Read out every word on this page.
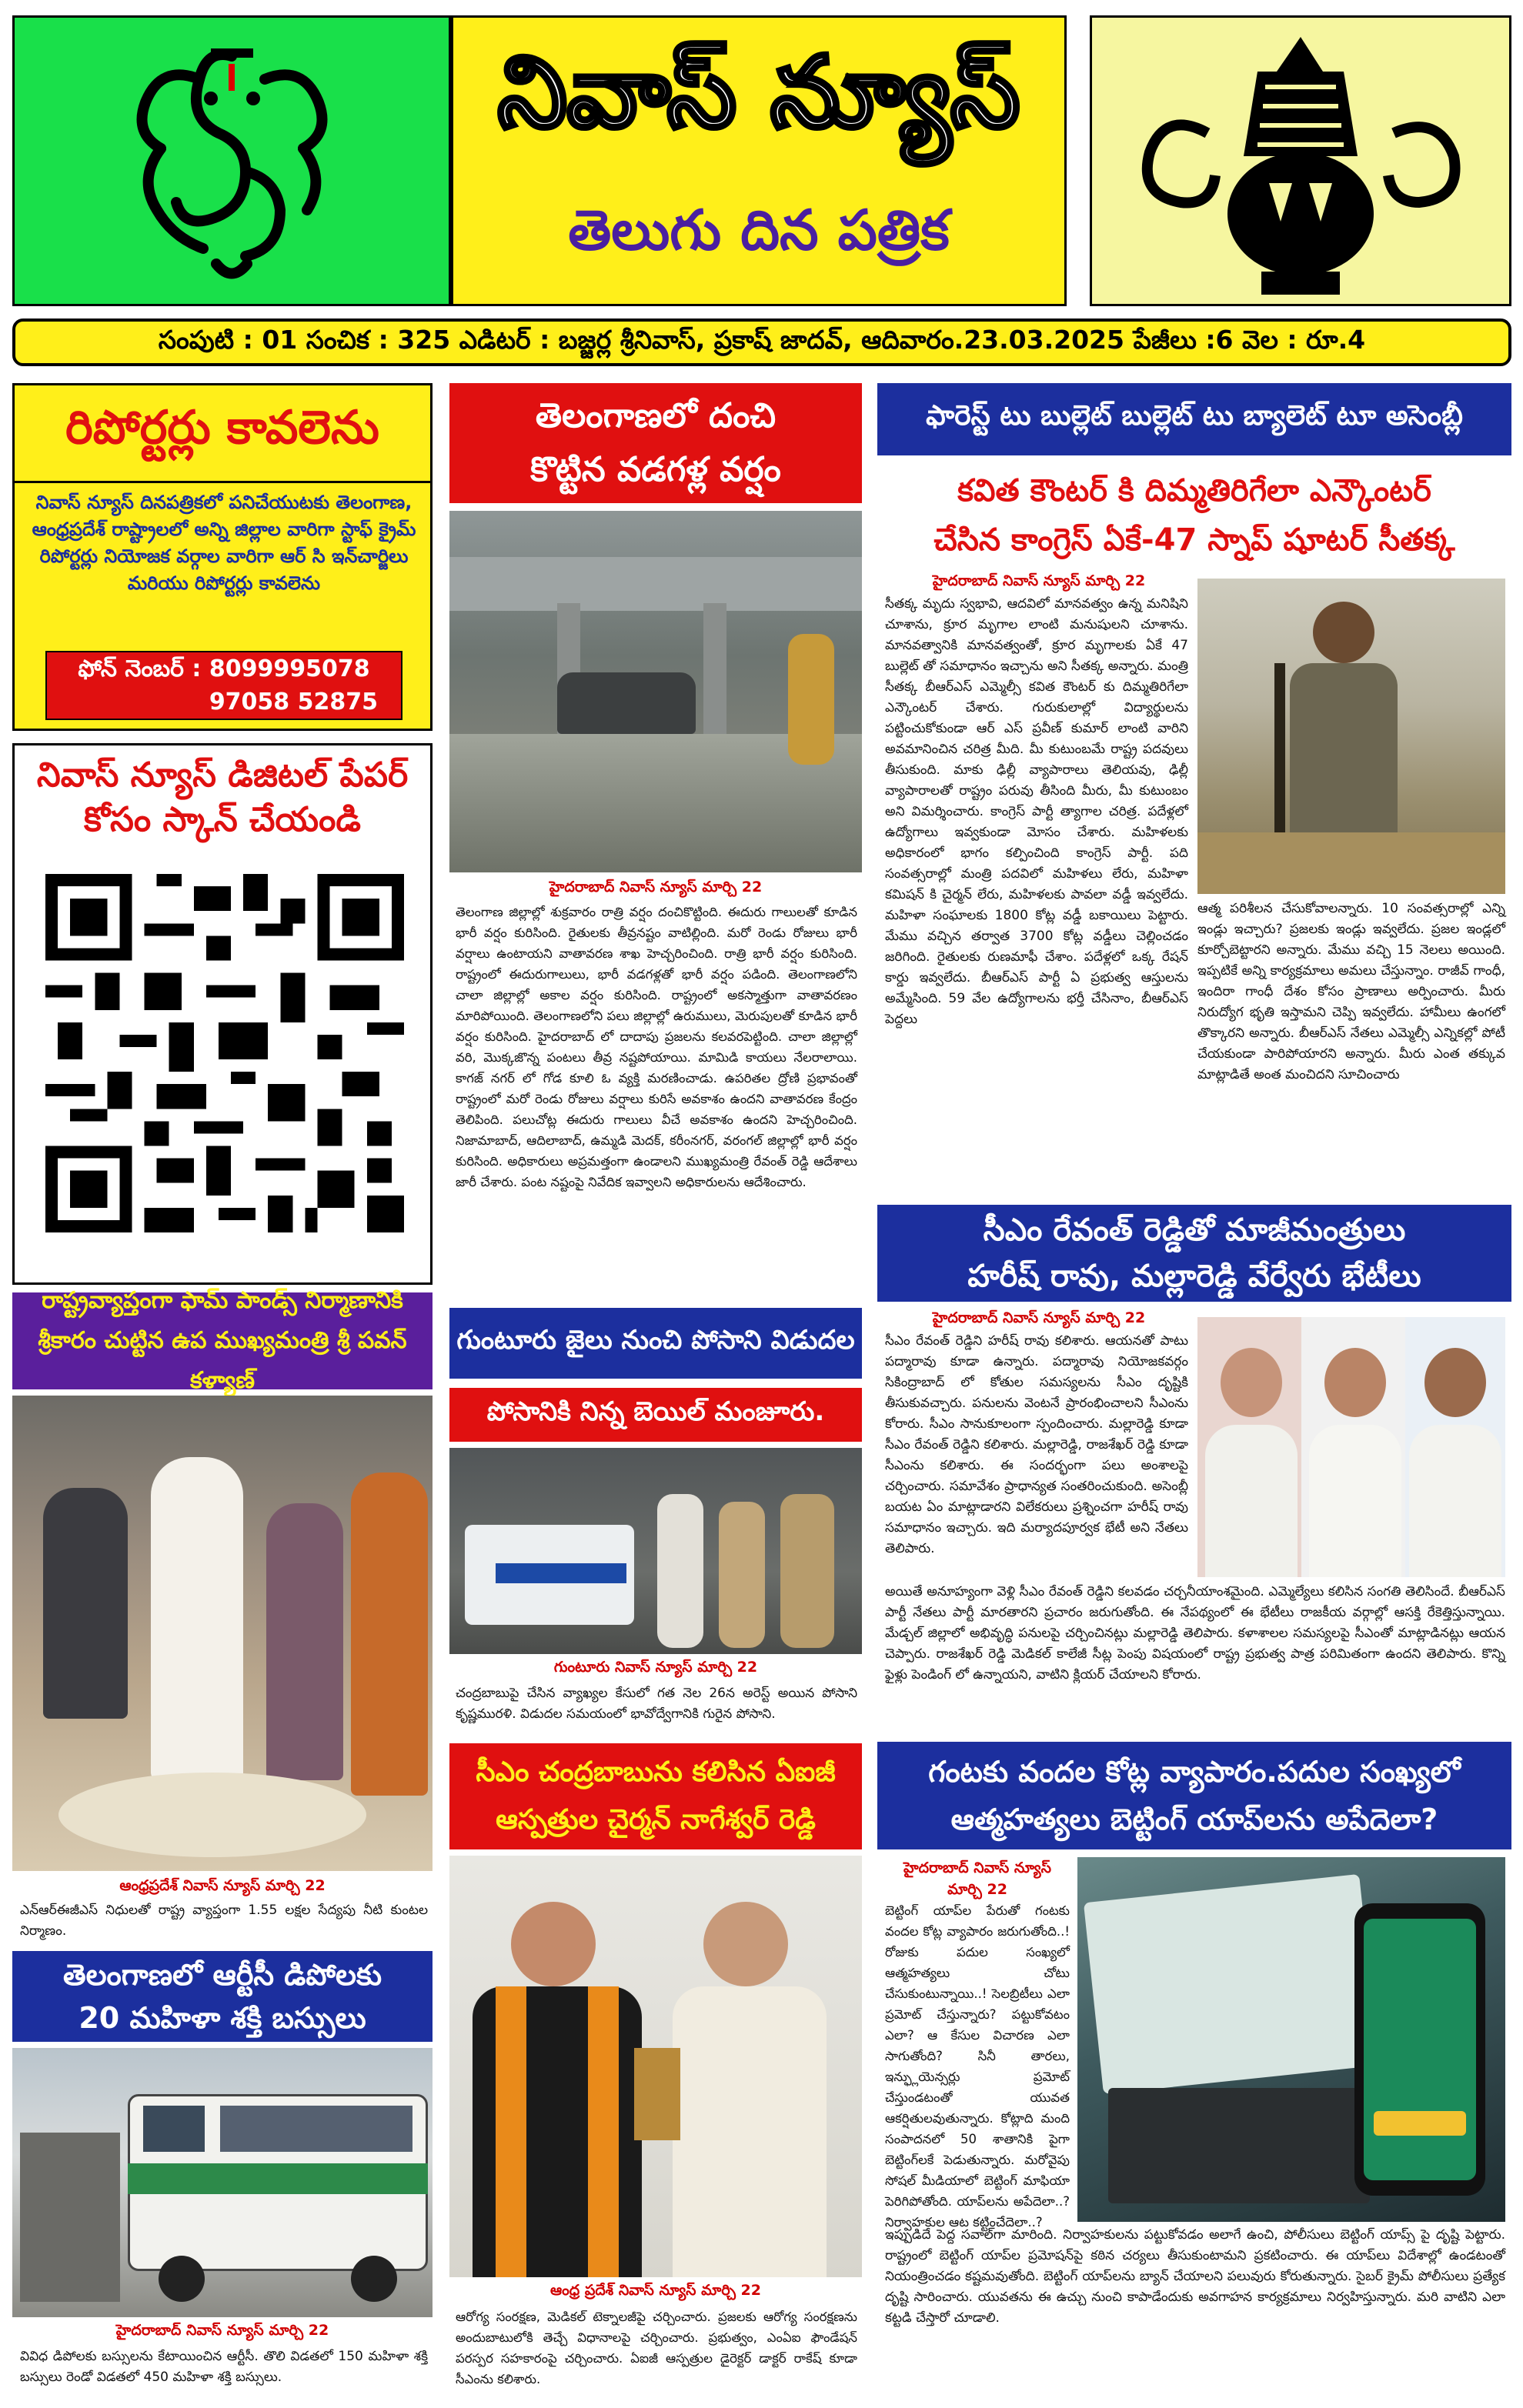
నివాస్ న్యూస్
తెలుగు దిన పత్రిక
సంపుటి : 01 సంచిక : 325 ఎడిటర్ : బజ్జర్ల శ్రీనివాస్, ప్రకాష్ జాదవ్, ఆదివారం.23.03.2025 పేజీలు :6 వెల : రూ.4
రిపోర్టర్లు కావలెను
నివాస్ న్యూస్ దినపత్రికలో పనిచేయుటకు తెలంగాణ, ఆంధ్రప్రదేశ్ రాష్ట్రాలలో అన్ని జిల్లాల వారిగా స్టాఫ్ క్రైమ్ రిపోర్టర్లు నియోజక వర్గాల వారిగా ఆర్ సి ఇన్‌చార్జిలు మరియు రిపోర్టర్లు కావలెను
ఫోన్ నెంబర్ : 8099995078
97058 52875
నివాస్ న్యూస్ డిజిటల్ పేపర్ కోసం స్కాన్ చేయండి
రాష్ట్రవ్యాప్తంగా ఫామ్ పాండ్స్ నిర్మాణానికి శ్రీకారం చుట్టిన ఉప ముఖ్యమంత్రి శ్రీ పవన్ కళ్యాణ్
ఆంధ్రప్రదేశ్ నివాస్ న్యూస్ మార్చి 22
ఎన్ఆర్ఈజీఎస్ నిధులతో రాష్ట్ర వ్యాప్తంగా 1.55 లక్షల సేద్యపు నీటి కుంటల నిర్మాణం.
తెలంగాణలో ఆర్టీసీ డిపోలకు
20 మహిళా శక్తి బస్సులు
హైదరాబాద్ నివాస్ న్యూస్ మార్చి 22
వివిధ డిపోలకు బస్సులను కేటాయించిన ఆర్టీసీ. తొలి విడతలో 150 మహిళా శక్తి బస్సులు రెండో విడతలో 450 మహిళా శక్తి బస్సులు.
తెలంగాణలో దంచి
కొట్టిన వడగళ్ల వర్షం
హైదరాబాద్ నివాస్ న్యూస్ మార్చి 22
తెలంగాణ జిల్లాల్లో శుక్రవారం రాత్రి వర్షం దంచికొట్టింది. ఈదురు గాలులతో కూడిన భారీ వర్షం కురిసింది. రైతులకు తీవ్రనష్టం వాటిల్లింది. మరో రెండు రోజులు భారీ వర్షాలు ఉంటాయని వాతావరణ శాఖ హెచ్చరించింది. రాత్రి భారీ వర్షం కురిసింది. రాష్ట్రంలో ఈదురుగాలులు, భారీ వడగళ్లతో భారీ వర్షం పడింది. తెలంగాణలోని చాలా జిల్లాల్లో అకాల వర్షం కురిసింది. రాష్ట్రంలో అకస్మాత్తుగా వాతావరణం మారిపోయింది. తెలంగాణలోని పలు జిల్లాల్లో ఉరుములు, మెరుపులతో కూడిన భారీ వర్షం కురిసింది. హైదరాబాద్ లో దాదాపు ప్రజలను కలవరపెట్టింది. చాలా జిల్లాల్లో వరి, మొక్కజొన్న పంటలు తీవ్ర నష్టపోయాయి. మామిడి కాయలు నేలరాలాయి. కాగజ్ నగర్ లో గోడ కూలి ఓ వ్యక్తి మరణించాడు. ఉపరితల ద్రోణి ప్రభావంతో రాష్ట్రంలో మరో రెండు రోజులు వర్షాలు కురిసే అవకాశం ఉందని వాతావరణ కేంద్రం తెలిపింది. పలుచోట్ల ఈదురు గాలులు వీచే అవకాశం ఉందని హెచ్చరించింది. నిజామాబాద్, ఆదిలాబాద్, ఉమ్మడి మెదక్, కరీంనగర్, వరంగల్ జిల్లాల్లో భారీ వర్షం కురిసింది. అధికారులు అప్రమత్తంగా ఉండాలని ముఖ్యమంత్రి రేవంత్ రెడ్డి ఆదేశాలు జారీ చేశారు. పంట నష్టంపై నివేదిక ఇవ్వాలని అధికారులను ఆదేశించారు.
గుంటూరు జైలు నుంచి పోసాని విడుదల
పోసానికి నిన్న బెయిల్ మంజూరు.
గుంటూరు నివాస్ న్యూస్ మార్చి 22
చంద్రబాబుపై చేసిన వ్యాఖ్యల కేసులో గత నెల 26న అరెస్ట్ అయిన పోసాని కృష్ణమురళి. విడుదల సమయంలో భావోద్వేగానికి గురైన పోసాని.
సీఎం చంద్రబాబును కలిసిన ఏఐజీ
ఆస్పత్రుల చైర్మన్ నాగేశ్వర్ రెడ్డి
ఆంధ్ర ప్రదేశ్ నివాస్ న్యూస్ మార్చి 22
ఆరోగ్య సంరక్షణ, మెడికల్ టెక్నాలజీపై చర్చించారు. ప్రజలకు ఆరోగ్య సంరక్షణను అందుబాటులోకి తెచ్చే విధానాలపై చర్చించారు. ప్రభుత్వం, ఎంఏఐ ఫౌండేషన్ పరస్పర సహకారంపై చర్చించారు. ఏఐజీ ఆస్పత్రుల డైరెక్టర్ డాక్టర్ రాకేష్ కూడా సీఎంను కలిశారు.
ఫారెస్ట్ టు బుల్లెట్ బుల్లెట్ టు బ్యాలెట్ టూ అసెంబ్లీ
కవిత కౌంటర్ కి దిమ్మతిరిగేలా ఎన్కౌంటర్
చేసిన కాంగ్రెస్ ఏకే-47 స్నాప్ షూటర్ సీతక్క
హైదరాబాద్ నివాస్ న్యూస్ మార్చి 22
సీతక్క మృదు స్వభావి, ఆదవిలో మానవత్వం ఉన్న మనిషిని చూశాను, క్రూర మృగాల లాంటి మనుషులని చూశాను. మానవత్వానికి మానవత్వంతో, క్రూర మృగాలకు ఏకే 47 బుల్లెట్ తో సమాధానం ఇచ్చాను అని సీతక్క అన్నారు. మంత్రి సీతక్క బీఆర్ఎస్ ఎమ్మెల్సీ కవిత కౌంటర్ కు దిమ్మతిరిగేలా ఎన్కౌంటర్ చేశారు. గురుకులాల్లో విద్యార్థులను పట్టించుకోకుండా ఆర్ ఎస్ ప్రవీణ్ కుమార్ లాంటి వారిని అవమానించిన చరిత్ర మీది. మీ కుటుంబమే రాష్ట్ర పదవులు తీసుకుంది. మాకు ఢిల్లీ వ్యాపారాలు తెలియవు, ఢిల్లీ వ్యాపారాలతో రాష్ట్రం పరువు తీసింది మీరు, మీ కుటుంబం అని విమర్శించారు. కాంగ్రెస్ పార్టీ త్యాగాల చరిత్ర. పదేళ్లలో ఉద్యోగాలు ఇవ్వకుండా మోసం చేశారు. మహిళలకు అధికారంలో భాగం కల్పించింది కాంగ్రెస్ పార్టీ. పది సంవత్సరాల్లో మంత్రి పదవిలో మహిళలు లేరు, మహిళా కమిషన్ కి చైర్మన్ లేరు, మహిళలకు పావలా వడ్డీ ఇవ్వలేదు. మహిళా సంఘాలకు 1800 కోట్ల వడ్డీ బకాయిలు పెట్టారు. మేము వచ్చిన తర్వాత 3700 కోట్ల వడ్డీలు చెల్లించడం జరిగింది. రైతులకు రుణమాఫీ చేశాం. పదేళ్లలో ఒక్క రేషన్ కార్డు ఇవ్వలేదు. బీఆర్ఎస్ పార్టీ ఏ ప్రభుత్వ ఆస్తులను అమ్మేసింది. 59 వేల ఉద్యోగాలను భర్తీ చేసినాం, బీఆర్ఎస్ పెద్దలు
ఆత్మ పరిశీలన చేసుకోవాలన్నారు. 10 సంవత్సరాల్లో ఎన్ని ఇండ్లు ఇచ్చారు? ప్రజలకు ఇండ్లు ఇవ్వలేదు. ప్రజల ఇండ్లలో కూర్చోబెట్టారని అన్నారు. మేము వచ్చి 15 నెలలు అయింది. ఇప్పటికే అన్ని కార్యక్రమాలు అమలు చేస్తున్నాం. రాజీవ్ గాంధీ, ఇందిరా గాంధీ దేశం కోసం ప్రాణాలు అర్పించారు. మీరు నిరుద్యోగ భృతి ఇస్తామని చెప్పి ఇవ్వలేదు. హామీలు ఉంగలో తొక్కారని అన్నారు. బీఆర్ఎస్ నేతలు ఎమ్మెల్సీ ఎన్నికల్లో పోటీ చేయకుండా పారిపోయారని అన్నారు. మీరు ఎంత తక్కువ మాట్లాడితే అంత మంచిదని సూచించారు
సీఎం రేవంత్ రెడ్డితో మాజీమంత్రులు
హరీష్ రావు, మల్లారెడ్డి వేర్వేరు భేటీలు
హైదరాబాద్ నివాస్ న్యూస్ మార్చి 22
సీఎం రేవంత్ రెడ్డిని హరీష్ రావు కలిశారు. ఆయనతో పాటు పద్మారావు కూడా ఉన్నారు. పద్మారావు నియోజకవర్గం సికింద్రాబాద్ లో కోతుల సమస్యలను సీఎం దృష్టికి తీసుకువచ్చారు. పనులను వెంటనే ప్రారంభించాలని సీఎంను కోరారు. సీఎం సానుకూలంగా స్పందించారు. మల్లారెడ్డి కూడా సీఎం రేవంత్ రెడ్డిని కలిశారు. మల్లారెడ్డి, రాజశేఖర్ రెడ్డి కూడా సీఎంను కలిశారు. ఈ సందర్భంగా పలు అంశాలపై చర్చించారు. సమావేశం ప్రాధాన్యత సంతరించుకుంది. అసెంబ్లీ బయట ఏం మాట్లాడారని విలేకరులు ప్రశ్నించగా హరీష్ రావు సమాధానం ఇచ్చారు. ఇది మర్యాదపూర్వక భేటీ అని నేతలు తెలిపారు.
అయితే అనూహ్యంగా వెళ్లి సీఎం రేవంత్ రెడ్డిని కలవడం చర్చనీయాంశమైంది. ఎమ్మెల్యేలు కలిసిన సంగతి తెలిసిందే. బీఆర్ఎస్ పార్టీ నేతలు పార్టీ మారతారని ప్రచారం జరుగుతోంది. ఈ నేపథ్యంలో ఈ భేటీలు రాజకీయ వర్గాల్లో ఆసక్తి రేకెత్తిస్తున్నాయి. మేడ్చల్ జిల్లాలో అభివృద్ధి పనులపై చర్చించినట్లు మల్లారెడ్డి తెలిపారు. కళాశాలల సమస్యలపై సీఎంతో మాట్లాడినట్లు ఆయన చెప్పారు. రాజశేఖర్ రెడ్డి మెడికల్ కాలేజీ సీట్ల పెంపు విషయంలో రాష్ట్ర ప్రభుత్వ పాత్ర పరిమితంగా ఉందని తెలిపారు. కొన్ని ఫైళ్లు పెండింగ్ లో ఉన్నాయని, వాటిని క్లియర్ చేయాలని కోరారు.
గంటకు వందల కోట్ల వ్యాపారం.పదుల సంఖ్యలో
ఆత్మహత్యలు బెట్టింగ్ యాప్‌లను అపేదెలా?
హైదరాబాద్ నివాస్ న్యూస్ మార్చి 22
బెట్టింగ్ యాప్‌ల పేరుతో గంటకు వందల కోట్ల వ్యాపారం జరుగుతోంది..! రోజుకు పదుల సంఖ్యలో ఆత్మహత్యలు చోటు చేసుకుంటున్నాయి..! సెలబ్రిటీలు ఎలా ప్రమోట్ చేస్తున్నారు? పట్టుకోవటం ఎలా? ఆ కేసుల విచారణ ఎలా సాగుతోంది? సినీ తారలు, ఇన్ఫ్లుయెన్సర్లు ప్రమోట్ చేస్తుండటంతో యువత ఆకర్షితులవుతున్నారు. కోట్లాది మంది సంపాదనలో 50 శాతానికి పైగా బెట్టింగ్‌లకే పెడుతున్నారు. మరోవైపు సోషల్ మీడియాలో బెట్టింగ్ మాఫియా పెరిగిపోతోంది. యాప్‌లను అపేదెలా..? నిర్వాహకుల ఆట కట్టించేదెలా..?
ఇప్పుడిదే పెద్ద సవాల్‌గా మారింది. నిర్వాహకులను పట్టుకోవడం అలాగే ఉంచి, పోలీసులు బెట్టింగ్ యాప్స్ పై దృష్టి పెట్టారు. రాష్ట్రంలో బెట్టింగ్ యాప్‌ల ప్రమోషన్‌పై కఠిన చర్యలు తీసుకుంటామని ప్రకటించారు. ఈ యాప్‌లు విదేశాల్లో ఉండటంతో నియంత్రించడం కష్టమవుతోంది. బెట్టింగ్ యాప్‌లను బ్యాన్ చేయాలని పలువురు కోరుతున్నారు. సైబర్ క్రైమ్ పోలీసులు ప్రత్యేక దృష్టి సారించారు. యువతను ఈ ఉచ్చు నుంచి కాపాడేందుకు అవగాహన కార్యక్రమాలు నిర్వహిస్తున్నారు. మరి వాటిని ఎలా కట్టడి చేస్తారో చూడాలి.
